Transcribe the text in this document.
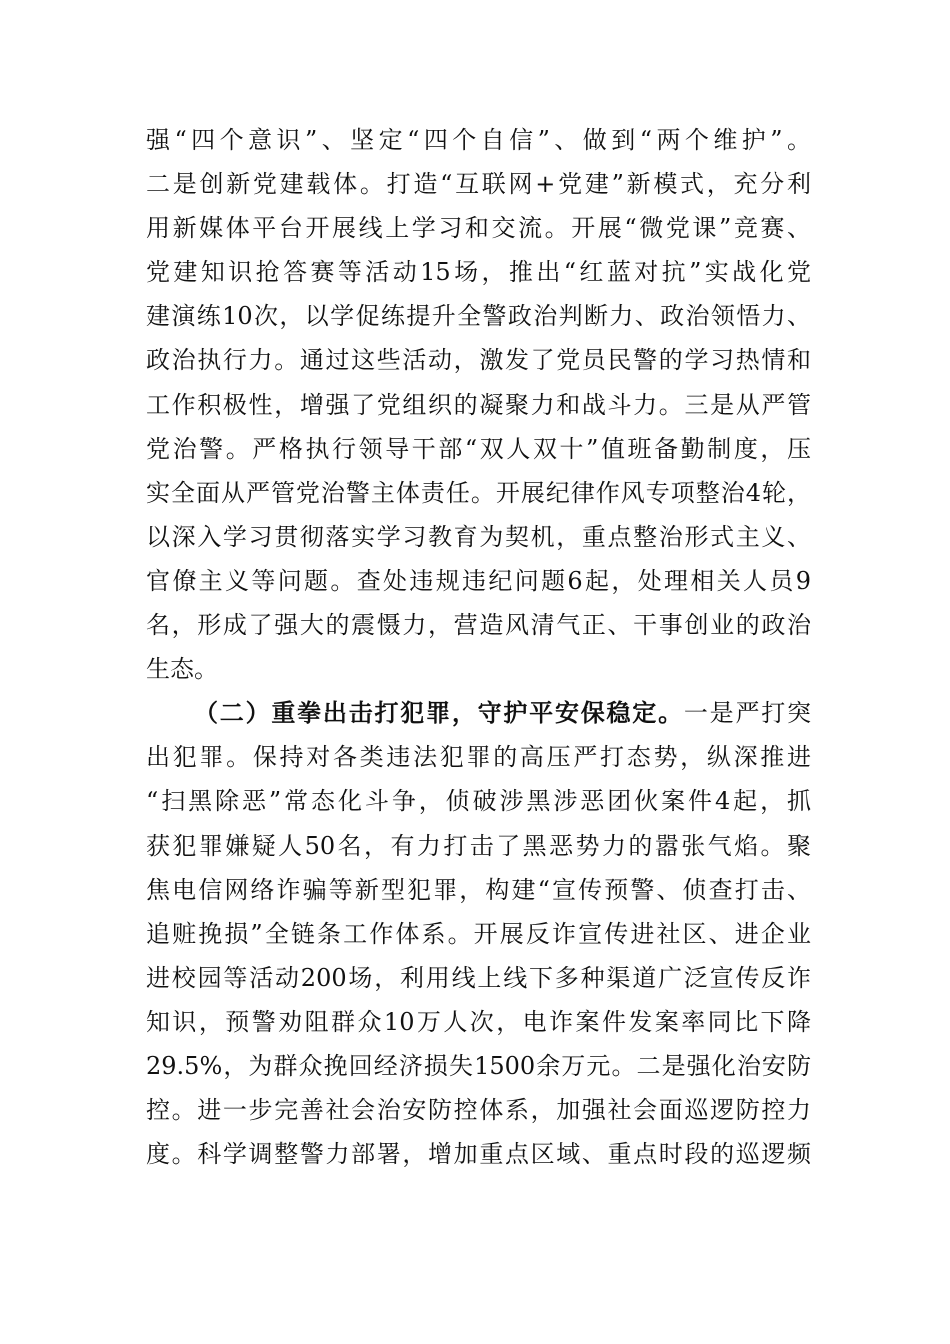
强“四个意识”、坚定“四个自信”、做到“两个维护”。
二是创新党建载体。打造“互联网+党建”新模式，充分利
用新媒体平台开展线上学习和交流。开展“微党课”竞赛、
党建知识抢答赛等活动15场，推出“红蓝对抗”实战化党
建演练10次，以学促练提升全警政治判断力、政治领悟力、
政治执行力。通过这些活动，激发了党员民警的学习热情和
工作积极性，增强了党组织的凝聚力和战斗力。三是从严管
党治警。严格执行领导干部“双人双十”值班备勤制度，压
实全面从严管党治警主体责任。开展纪律作风专项整治4轮，
以深入学习贯彻落实学习教育为契机，重点整治形式主义、
官僚主义等问题。查处违规违纪问题6起，处理相关人员9
名，形成了强大的震慑力，营造风清气正、干事创业的政治
生态。
（二）重拳出击打犯罪，守护平安保稳定。一是严打突
出犯罪。保持对各类违法犯罪的高压严打态势，纵深推进
“扫黑除恶”常态化斗争，侦破涉黑涉恶团伙案件4起，抓
获犯罪嫌疑人50名，有力打击了黑恶势力的嚣张气焰。聚
焦电信网络诈骗等新型犯罪，构建“宣传预警、侦查打击、
追赃挽损”全链条工作体系。开展反诈宣传进社区、进企业
进校园等活动200场，利用线上线下多种渠道广泛宣传反诈
知识，预警劝阻群众10万人次，电诈案件发案率同比下降
29.5%，为群众挽回经济损失1500余万元。二是强化治安防
控。进一步完善社会治安防控体系，加强社会面巡逻防控力
度。科学调整警力部署，增加重点区域、重点时段的巡逻频
